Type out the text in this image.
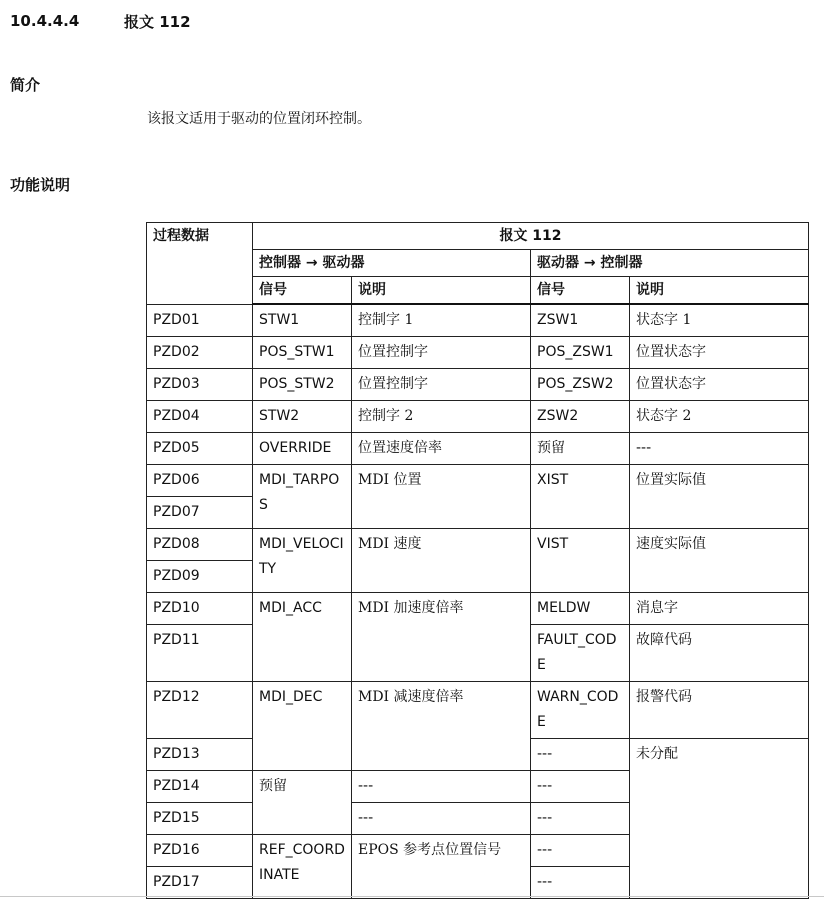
10.4.4.4	报文 112
简介
该报文适用于驱动的位置闭环控制。
功能说明
过程数据	报文 112			
	控制器 → 驱动器		驱动器 → 控制器	
	信号	说明	信号	说明
PZD01	STW1	控制字 1	ZSW1	状态字 1
PZD02	POS_STW1	位置控制字	POS_ZSW1	位置状态字
PZD03	POS_STW2	位置控制字	POS_ZSW2	位置状态字
PZD04	STW2	控制字 2	ZSW2	状态字 2
PZD05	OVERRIDE	位置速度倍率	预留	---
PZD06	MDI_TARPOS	MDI 位置	XIST	位置实际值
PZD07				
PZD08	MDI_VELOCITY	MDI 速度	VIST	速度实际值
PZD09				
PZD10	MDI_ACC	MDI 加速度倍率	MELDW	消息字
PZD11			FAULT_CODE	故障代码
PZD12	MDI_DEC	MDI 减速度倍率	WARN_CODE	报警代码
PZD13			---	未分配
PZD14	预留	---	---	
PZD15		---	---	
PZD16	REF_COORDINATE	EPOS 参考点位置信号	---	
PZD17			---	
